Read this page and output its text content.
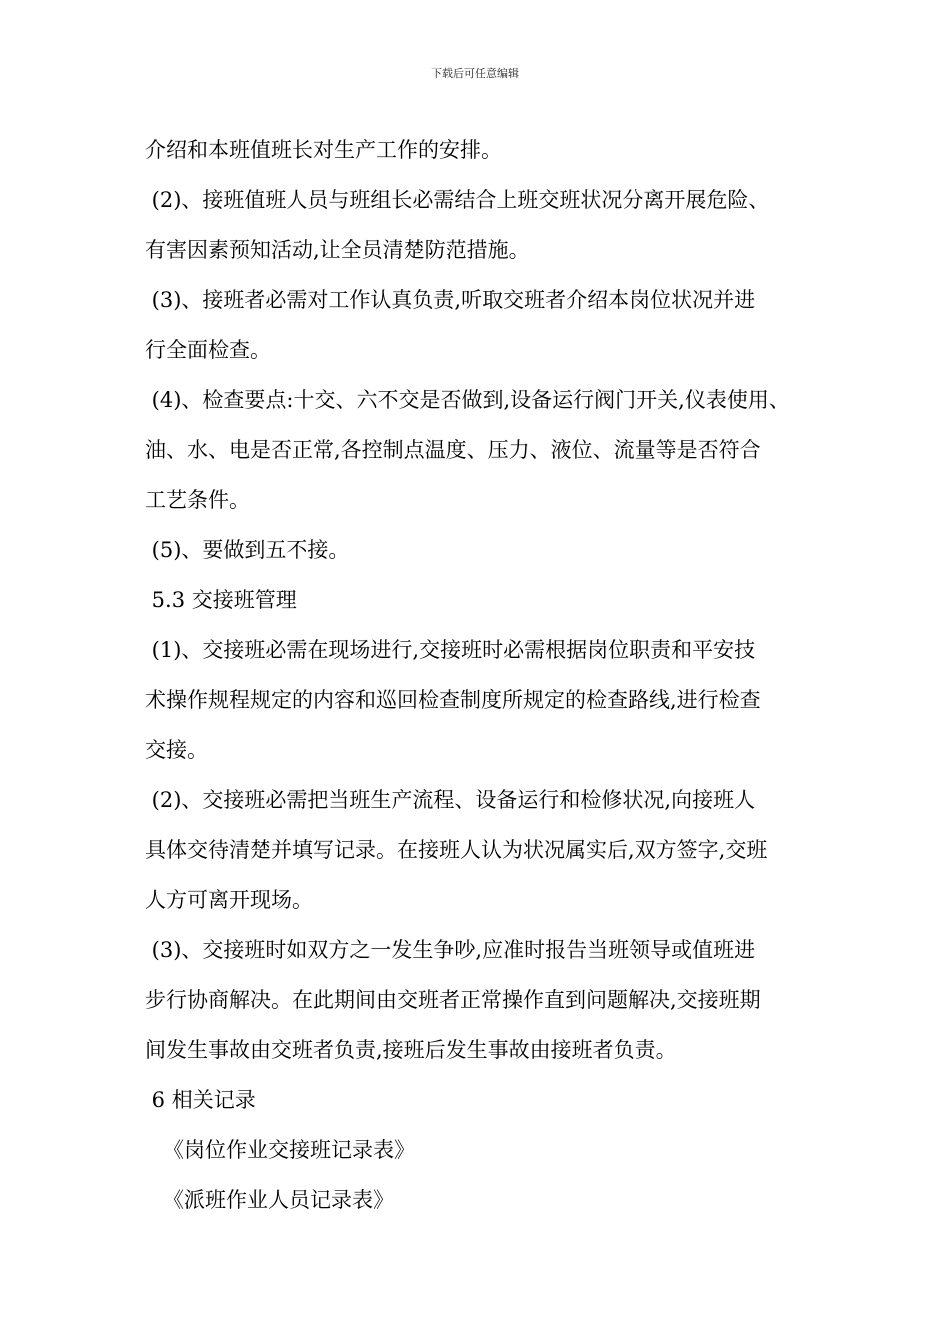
下载后可任意编辑
介绍和本班值班长对生产工作的安排。
(2)、接班值班人员与班组长必需结合上班交班状况分离开展危险、
有害因素预知活动,让全员清楚防范措施。
(3)、接班者必需对工作认真负责,听取交班者介绍本岗位状况并进
行全面检查。
(4)、检查要点:十交、六不交是否做到,设备运行阀门开关,仪表使用、
油、水、电是否正常,各控制点温度、压力、液位、流量等是否符合
工艺条件。
(5)、要做到五不接。
5.3 交接班管理
(1)、交接班必需在现场进行,交接班时必需根据岗位职责和平安技
术操作规程规定的内容和巡回检查制度所规定的检查路线,进行检查
交接。
(2)、交接班必需把当班生产流程、设备运行和检修状况,向接班人
具体交待清楚并填写记录。在接班人认为状况属实后,双方签字,交班
人方可离开现场。
(3)、交接班时如双方之一发生争吵,应准时报告当班领导或值班进
步行协商解决。在此期间由交班者正常操作直到问题解决,交接班期
间发生事故由交班者负责,接班后发生事故由接班者负责。
6 相关记录
《岗位作业交接班记录表》
《派班作业人员记录表》
